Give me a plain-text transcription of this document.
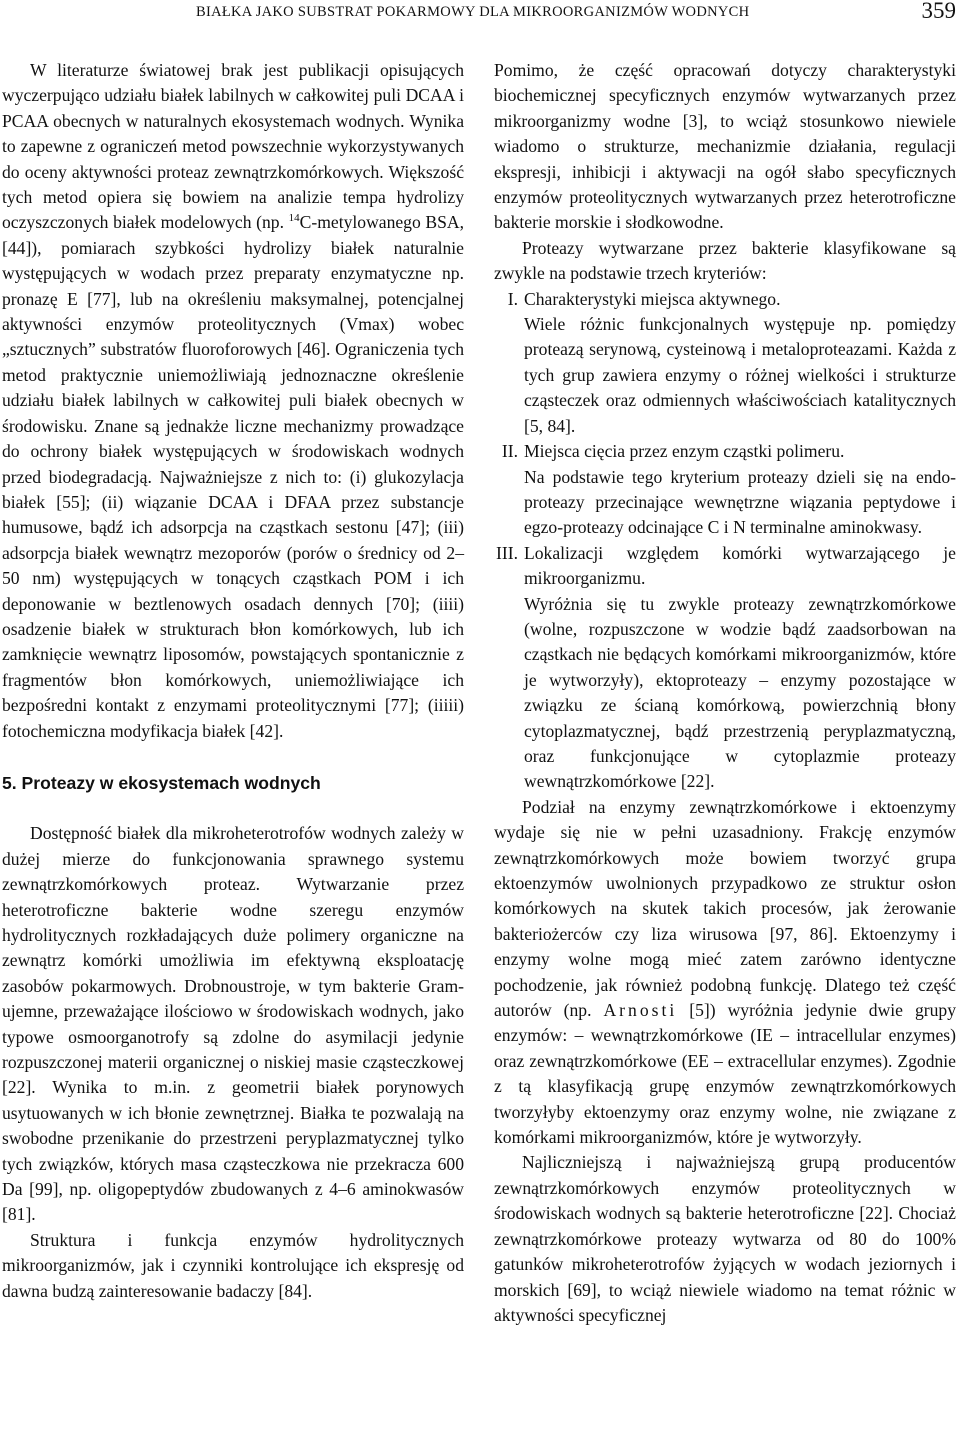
BIAŁKA JAKO SUBSTRAT POKARMOWY DLA MIKROORGANIZMÓW WODNYCH	359

W literaturze światowej brak jest publikacji opisujących wyczerpująco udziału białek labilnych w całkowitej puli DCAA i PCAA obecnych w naturalnych ekosystemach wodnych. Wynika to zapewne z ograniczeń metod powszechnie wykorzystywanych do oceny aktywności proteaz zewnątrzkomórkowych. Większość tych metod opiera się bowiem na analizie tempa hydrolizy oczyszczonych białek modelowych (np. $^{14}$C-metylowanego BSA, [44]), pomiarach szybkości hydrolizy białek naturalnie występujących w wodach przez preparaty enzymatyczne np. pronazę E [77], lub na określeniu maksymalnej, potencjalnej aktywności enzymów proteolitycznych (Vmax) wobec „sztucznych” substratów fluoroforowych [46]. Ograniczenia tych metod praktycznie uniemożliwiają jednoznaczne określenie udziału białek labilnych w całkowitej puli białek obecnych w środowisku. Znane są jednakże liczne mechanizmy prowadzące do ochrony białek występujących w środowiskach wodnych przed biodegradacją. Najważniejsze z nich to: (i) glukozylacja białek [55]; (ii) wiązanie DCAA i DFAA przez substancje humusowe, bądź ich adsorpcja na cząstkach sestonu [47]; (iii) adsorpcja białek wewnątrz mezoporów (porów o średnicy od 2–50 nm) występujących w tonących cząstkach POM i ich deponowanie w beztlenowych osadach dennych [70]; (iiii) osadzenie białek w strukturach błon komórkowych, lub ich zamknięcie wewnątrz liposomów, powstających spontanicznie z fragmentów błon komórkowych, uniemożliwiające ich bezpośredni kontakt z enzymami proteolitycznymi [77]; (iiiii) fotochemiczna modyfikacja białek [42].

5. Proteazy w ekosystemach wodnych

Dostępność białek dla mikroheterotrofów wodnych zależy w dużej mierze do funkcjonowania sprawnego systemu zewnątrzkomórkowych proteaz. Wytwarzanie przez heterotroficzne bakterie wodne szeregu enzymów hydrolitycznych rozkładających duże polimery organiczne na zewnątrz komórki umożliwia im efektywną eksploatację zasobów pokarmowych. Drobnoustroje, w tym bakterie Gram-ujemne, przeważające ilościowo w środowiskach wodnych, jako typowe osmoorganotrofy są zdolne do asymilacji jedynie rozpuszczonej materii organicznej o niskiej masie cząsteczkowej [22]. Wynika to m.in. z geometrii białek porynowych usytuowanych w ich błonie zewnętrznej. Białka te pozwalają na swobodne przenikanie do przestrzeni peryplazmatycznej tylko tych związków, których masa cząsteczkowa nie przekracza 600 Da [99], np. oligopeptydów zbudowanych z 4–6 aminokwasów [81].

Struktura i funkcja enzymów hydrolitycznych mikroorganizmów, jak i czynniki kontrolujące ich ekspresję od dawna budzą zainteresowanie badaczy [84].

Pomimo, że część opracowań dotyczy charakterystyki biochemicznej specyficznych enzymów wytwarzanych przez mikroorganizmy wodne [3], to wciąż stosunkowo niewiele wiadomo o strukturze, mechanizmie działania, regulacji ekspresji, inhibicji i aktywacji na ogół słabo specyficznych enzymów proteolitycznych wytwarzanych przez heterotroficzne bakterie morskie i słodkowodne.

Proteazy wytwarzane przez bakterie klasyfikowane są zwykle na podstawie trzech kryteriów:

I. Charakterystyki miejsca aktywnego.
Wiele różnic funkcjonalnych występuje np. pomiędzy proteazą serynową, cysteinową i metaloproteazami. Każda z tych grup zawiera enzymy o różnej wielkości i strukturze cząsteczek oraz odmiennych właściwościach katalitycznych [5, 84].
II. Miejsca cięcia przez enzym cząstki polimeru.
Na podstawie tego kryterium proteazy dzieli się na endo-proteazy przecinające wewnętrzne wiązania peptydowe i egzo-proteazy odcinające C i N terminalne aminokwasy.
III. Lokalizacji względem komórki wytwarzającego je mikroorganizmu.
Wyróżnia się tu zwykle proteazy zewnątrzkomórkowe (wolne, rozpuszczone w wodzie bądź zaadsorbowan na cząstkach nie będących komórkami mikroorganizmów, które je wytworzyły), ektoproteazy – enzymy pozostające w związku ze ścianą komórkową, powierzchnią błony cytoplazmatycznej, bądź przestrzenią peryplazmatyczną, oraz funkcjonujące w cytoplazmie proteazy wewnątrzkomórkowe [22].

Podział na enzymy zewnątrzkomórkowe i ektoenzymy wydaje się nie w pełni uzasadniony. Frakcję enzymów zewnątrzkomórkowych może bowiem tworzyć grupa ektoenzymów uwolnionych przypadkowo ze struktur osłon komórkowych na skutek takich procesów, jak żerowanie bakteriożerców czy liza wirusowa [97, 86]. Ektoenzymy i enzymy wolne mogą mieć zatem zarówno identyczne pochodzenie, jak również podobną funkcję. Dlatego też część autorów (np. Arnosti [5]) wyróżnia jedynie dwie grupy enzymów: – wewnątrzkomórkowe (IE – intracellular enzymes) oraz zewnątrzkomórkowe (EE – extracellular enzymes). Zgodnie z tą klasyfikacją grupę enzymów zewnątrzkomórkowych tworzyłyby ektoenzymy oraz enzymy wolne, nie związane z komórkami mikroorganizmów, które je wytworzyły.

Najliczniejszą i najważniejszą grupą producentów zewnątrzkomórkowych enzymów proteolitycznych w środowiskach wodnych są bakterie heterotroficzne [22]. Chociaż zewnątrzkomórkowe proteazy wytwarza od 80 do 100% gatunków mikroheterotrofów żyjących w wodach jeziornych i morskich [69], to wciąż niewiele wiadomo na temat różnic w aktywności specyficznej
